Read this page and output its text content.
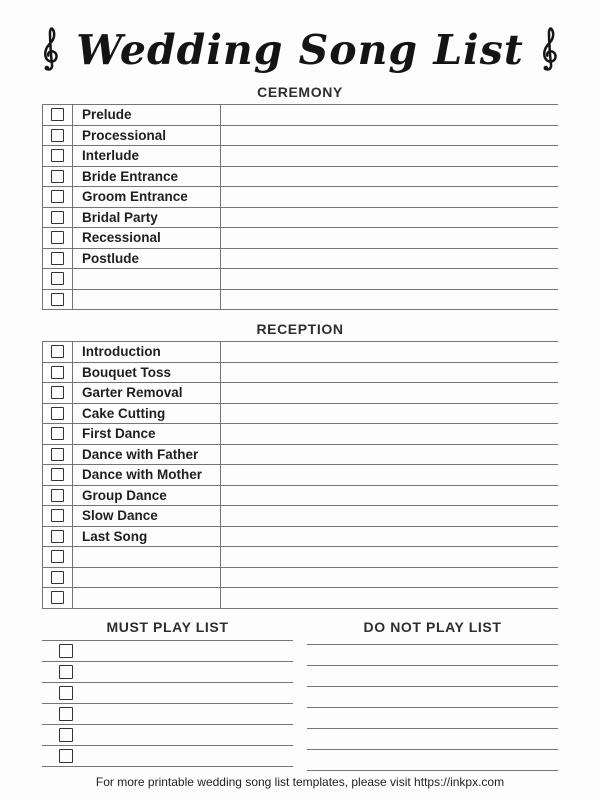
Wedding Song List
CEREMONY
Prelude
Processional
Interlude
Bride Entrance
Groom Entrance
Bridal Party
Recessional
Postlude
RECEPTION
Introduction
Bouquet Toss
Garter Removal
Cake Cutting
First Dance
Dance with Father
Dance with Mother
Group Dance
Slow Dance
Last Song
MUST PLAY LIST	DO NOT PLAY LIST
For more printable wedding song list templates, please visit https://inkpx.com
